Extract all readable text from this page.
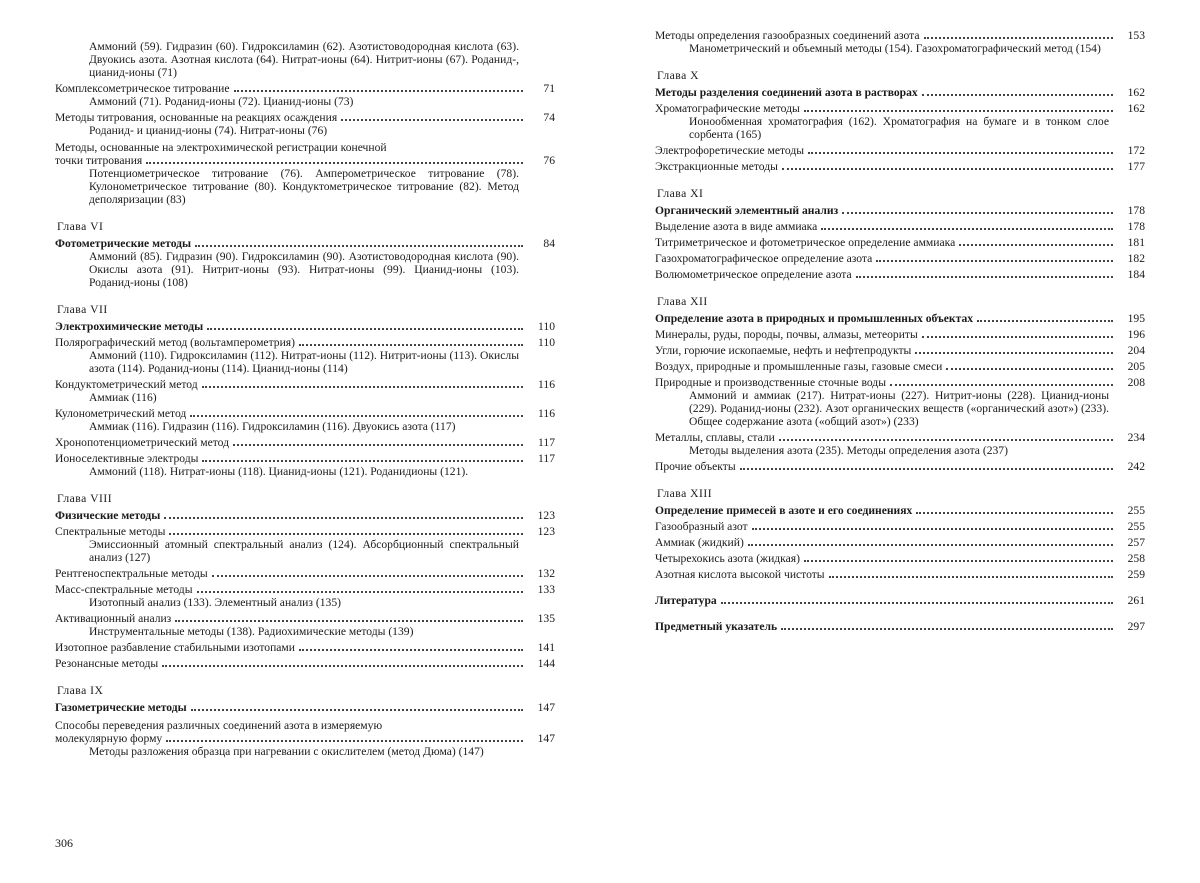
Аммоний (59). Гидразин (60). Гидроксиламин (62). Азотистоводородная кислота (63). Двуокись азота. Азотная кислота (64). Нитрат-ионы (64). Нитрит-ионы (67). Роданид-, цианид-ионы (71)
Комплексометрическое титрование	71
Аммоний (71). Роданид-ионы (72). Цианид-ионы (73)
Методы титрования, основанные на реакциях осаждения	74
Роданид- и цианид-ионы (74). Нитрат-ионы (76)
Методы, основанные на электрохимической регистрации конечной
точки титрования	76
Потенциометрическое титрование (76). Амперометрическое титрование (78). Кулонометрическое титрование (80). Кондуктометрическое титрование (82). Метод деполяризации (83)
Глава VI
Фотометрические методы	84
Аммоний (85). Гидразин (90). Гидроксиламин (90). Азотистоводородная кислота (90). Окислы азота (91). Нитрит-ионы (93). Нитрат-ионы (99). Цианид-ионы (103). Роданид-ионы (108)
Глава VII
Электрохимические методы	110
Полярографический метод (вольтамперометрия)	110
Аммоний (110). Гидроксиламин (112). Нитрат-ионы (112). Нитрит-ионы (113). Окислы азота (114). Роданид-ионы (114). Цианид-ионы (114)
Кондуктометрический метод	116
Аммиак (116)
Кулонометрический метод	116
Аммиак (116). Гидразин (116). Гидроксиламин (116). Двуокись азота (117)
Хронопотенциометрический метод	117
Ионоселективные электроды	117
Аммоний (118). Нитрат-ионы (118). Цианид-ионы (121). Роданидионы (121).
Глава VIII
Физические методы	123
Спектральные методы	123
Эмиссионный атомный спектральный анализ (124). Абсорбционный спектральный анализ (127)
Рентгеноспектральные методы	132
Масс-спектральные методы	133
Изотопный анализ (133). Элементный анализ (135)
Активационный анализ	135
Инструментальные методы (138). Радиохимические методы (139)
Изотопное разбавление стабильными изотопами	141
Резонансные методы	144
Глава IX
Газометрические методы	147
Способы переведения различных соединений азота в измеряемую
молекулярную форму	147
Методы разложения образца при нагревании с окислителем (метод Дюма) (147)
306
Методы определения газообразных соединений азота	153
Манометрический и объемный методы (154). Газохроматографический метод (154)
Глава X
Методы разделения соединений азота в растворах	162
Хроматографические методы	162
Ионообменная хроматография (162). Хроматография на бумаге и в тонком слое сорбента (165)
Электрофоретические методы	172
Экстракционные методы	177
Глава XI
Органический элементный анализ	178
Выделение азота в виде аммиака	178
Титриметрическое и фотометрическое определение аммиака	181
Газохроматографическое определение азота	182
Волюмометрическое определение азота	184
Глава XII
Определение азота в природных и промышленных объектах	195
Минералы, руды, породы, почвы, алмазы, метеориты	196
Угли, горючие ископаемые, нефть и нефтепродукты	204
Воздух, природные и промышленные газы, газовые смеси	205
Природные и производственные сточные воды	208
Аммоний и аммиак (217). Нитрат-ионы (227). Нитрит-ионы (228). Цианид-ионы (229). Роданид-ионы (232). Азот органических веществ («органический азот») (233). Общее содержание азота («общий азот») (233)
Металлы, сплавы, стали	234
Методы выделения азота (235). Методы определения азота (237)
Прочие объекты	242
Глава XIII
Определение примесей в азоте и его соединениях	255
Газообразный азот	255
Аммиак (жидкий)	257
Четырехокись азота (жидкая)	258
Азотная кислота высокой чистоты	259
Литература	261
Предметный указатель	297
